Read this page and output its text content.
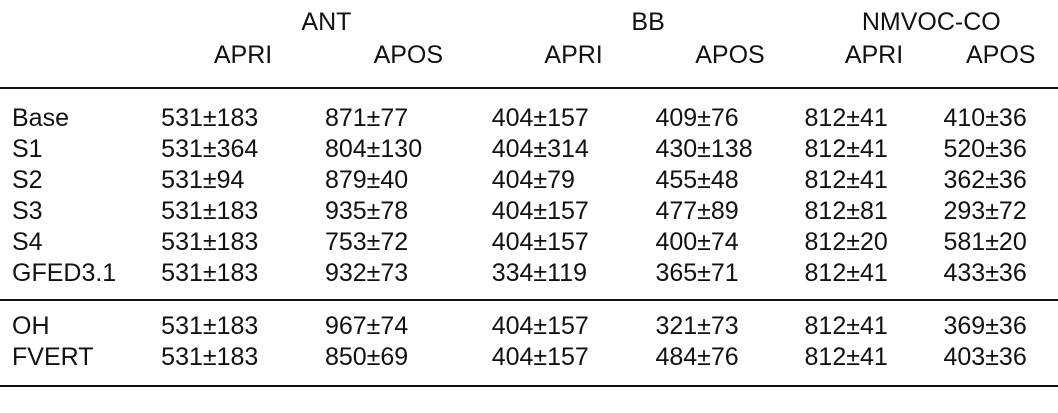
	ANT		BB		NMVOC-CO	
	APRI	APOS	APRI	APOS	APRI	APOS
Base	531±183	871±77	404±157	409±76	812±41	410±36
S1	531±364	804±130	404±314	430±138	812±41	520±36
S2	531±94	879±40	404±79	455±48	812±41	362±36
S3	531±183	935±78	404±157	477±89	812±81	293±72
S4	531±183	753±72	404±157	400±74	812±20	581±20
GFED3.1	531±183	932±73	334±119	365±71	812±41	433±36
OH	531±183	967±74	404±157	321±73	812±41	369±36
FVERT	531±183	850±69	404±157	484±76	812±41	403±36
